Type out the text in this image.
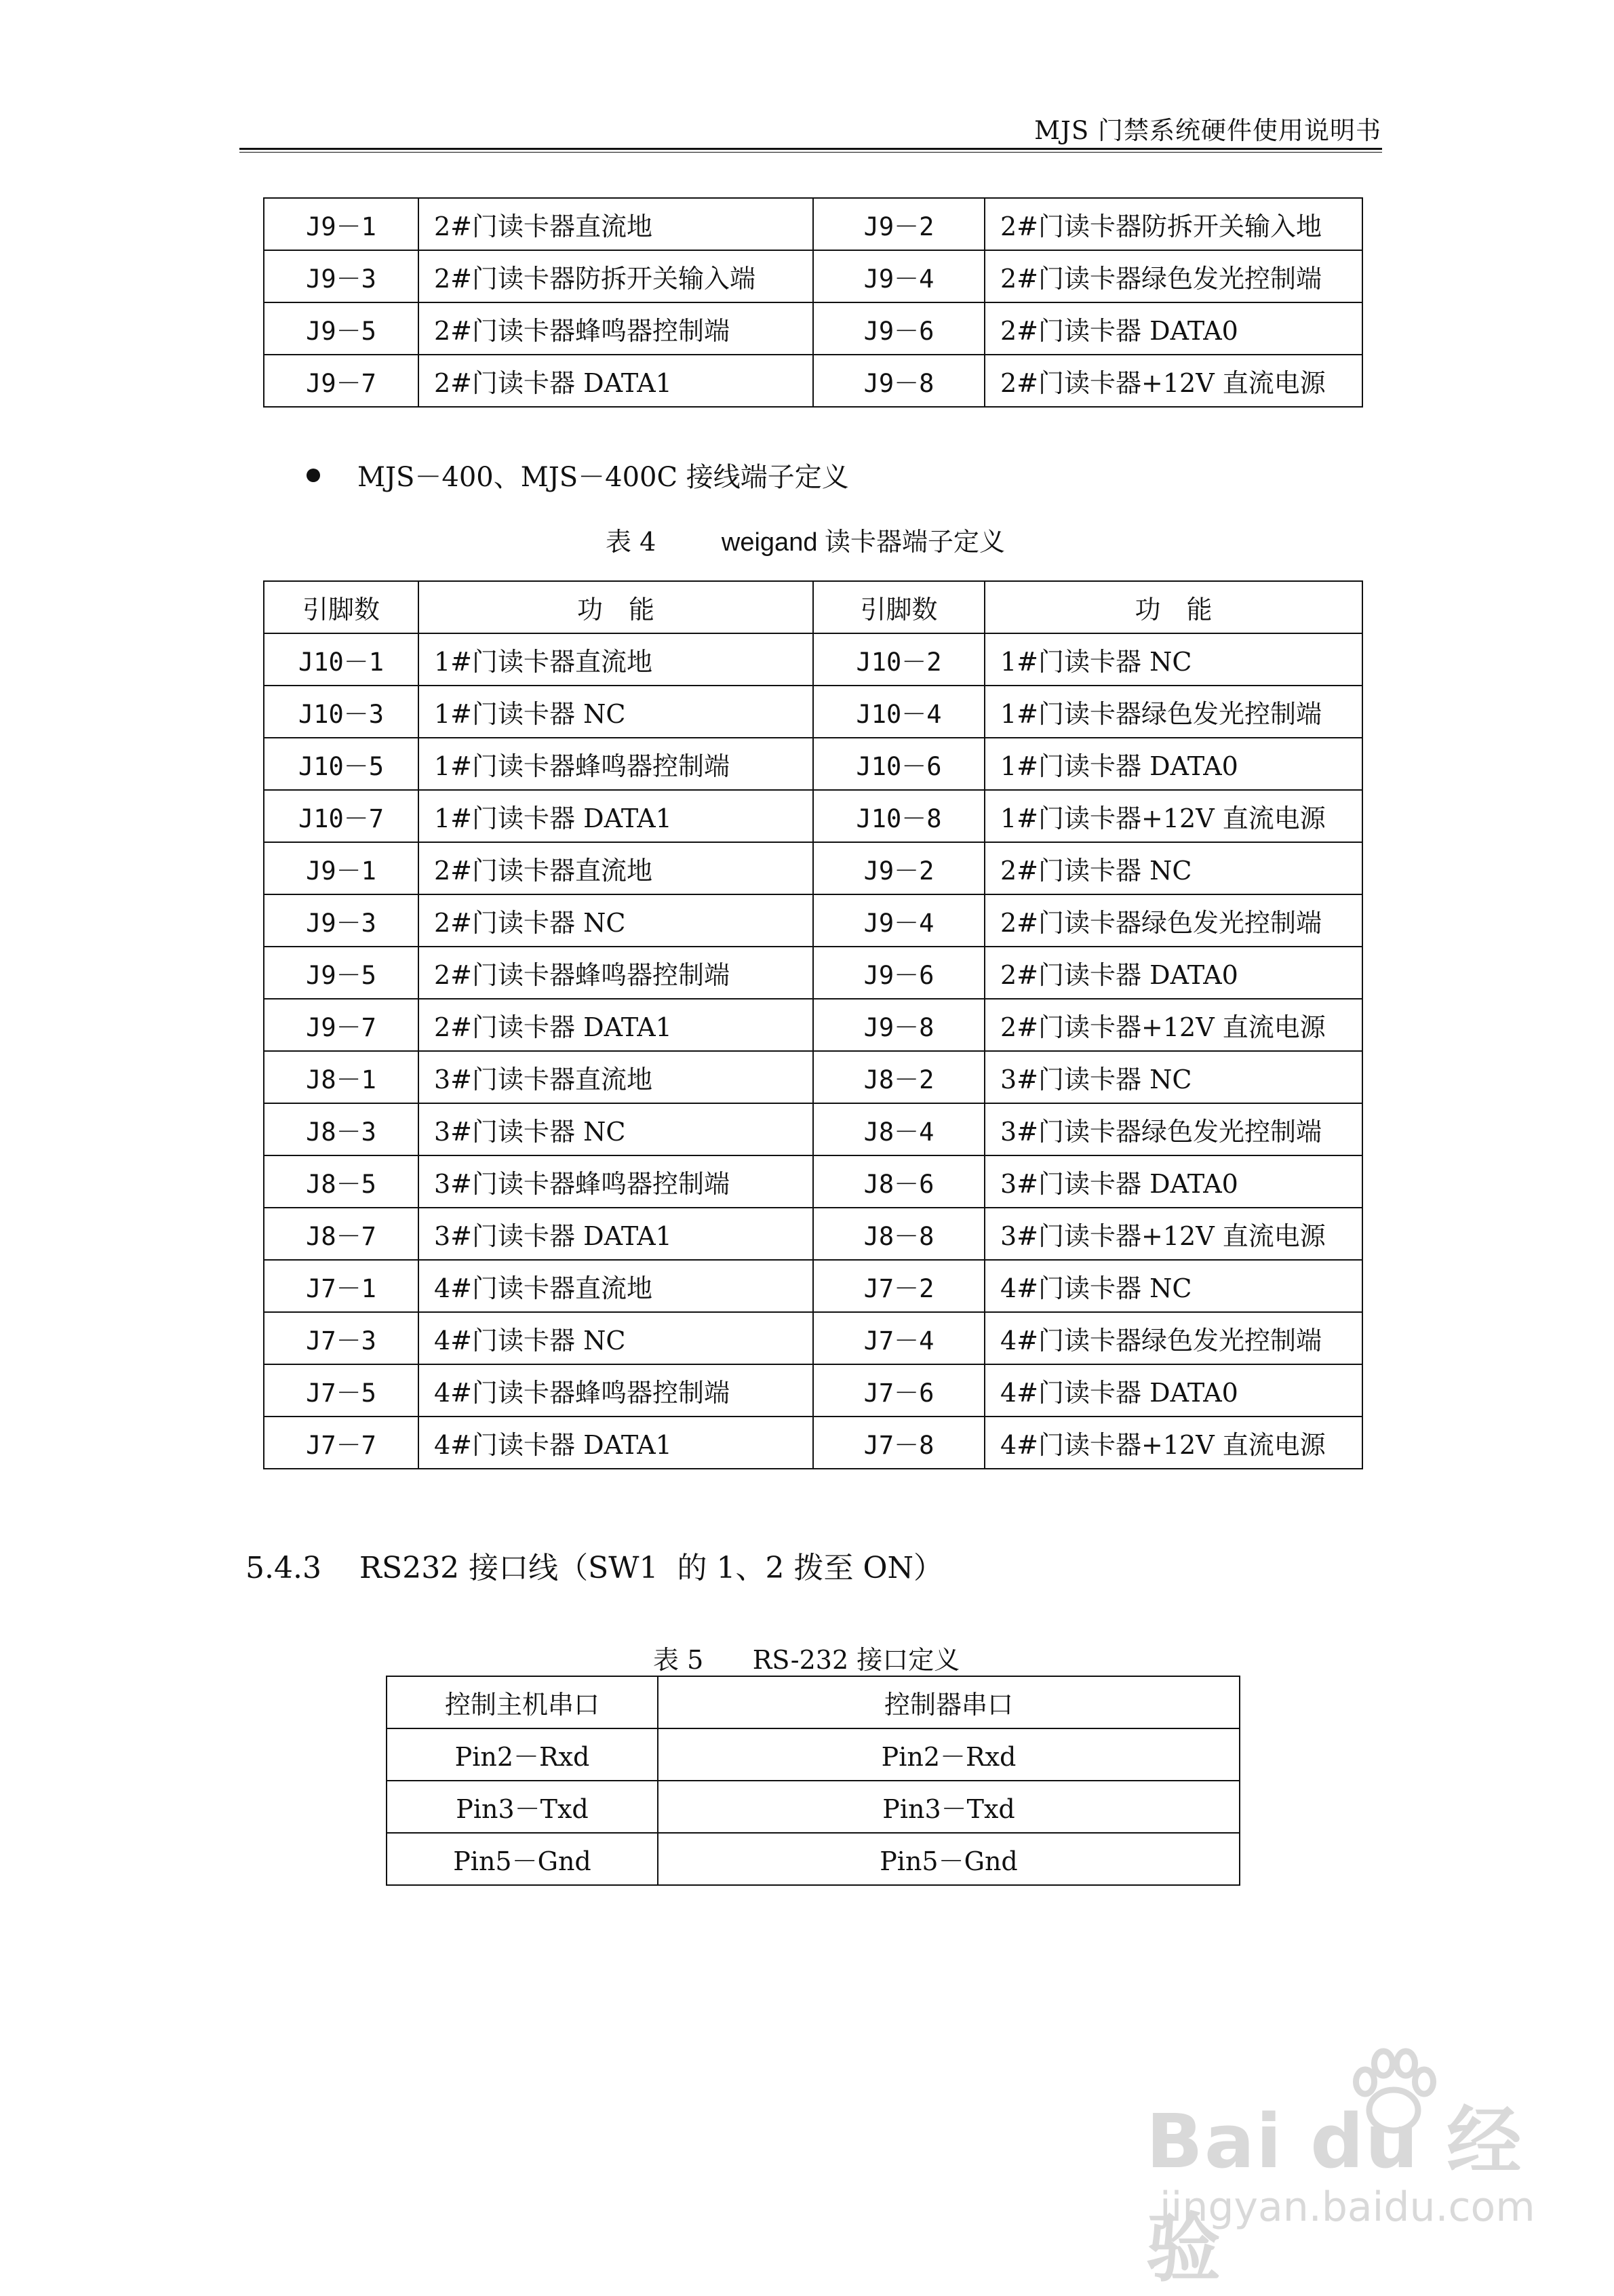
MJS 门禁系统硬件使用说明书
J9－1	2#门读卡器直流地	J9－2	2#门读卡器防拆开关输入地
J9－3	2#门读卡器防拆开关输入端	J9－4	2#门读卡器绿色发光控制端
J9－5	2#门读卡器蜂鸣器控制端	J9－6	2#门读卡器 DATA0
J9－7	2#门读卡器 DATA1	J9－8	2#门读卡器+12V 直流电源
MJS－400、MJS－400C 接线端子定义
表 4	weigand 读卡器端子定义
引脚数	功　能	引脚数	功　能
J10－1	1#门读卡器直流地	J10－2	1#门读卡器 NC
J10－3	1#门读卡器 NC	J10－4	1#门读卡器绿色发光控制端
J10－5	1#门读卡器蜂鸣器控制端	J10－6	1#门读卡器 DATA0
J10－7	1#门读卡器 DATA1	J10－8	1#门读卡器+12V 直流电源
J9－1	2#门读卡器直流地	J9－2	2#门读卡器 NC
J9－3	2#门读卡器 NC	J9－4	2#门读卡器绿色发光控制端
J9－5	2#门读卡器蜂鸣器控制端	J9－6	2#门读卡器 DATA0
J9－7	2#门读卡器 DATA1	J9－8	2#门读卡器+12V 直流电源
J8－1	3#门读卡器直流地	J8－2	3#门读卡器 NC
J8－3	3#门读卡器 NC	J8－4	3#门读卡器绿色发光控制端
J8－5	3#门读卡器蜂鸣器控制端	J8－6	3#门读卡器 DATA0
J8－7	3#门读卡器 DATA1	J8－8	3#门读卡器+12V 直流电源
J7－1	4#门读卡器直流地	J7－2	4#门读卡器 NC
J7－3	4#门读卡器 NC	J7－4	4#门读卡器绿色发光控制端
J7－5	4#门读卡器蜂鸣器控制端	J7－6	4#门读卡器 DATA0
J7－7	4#门读卡器 DATA1	J7－8	4#门读卡器+12V 直流电源
5.4.3 RS232 接口线（SW1  的 1、2 拨至 ON）
表 5 RS-232 接口定义
控制主机串口	控制器串口
Pin2－Rxd	Pin2－Rxd
Pin3－Txd	Pin3－Txd
Pin5－Gnd	Pin5－Gnd
Bai du 经验
jingyan.baidu.com
